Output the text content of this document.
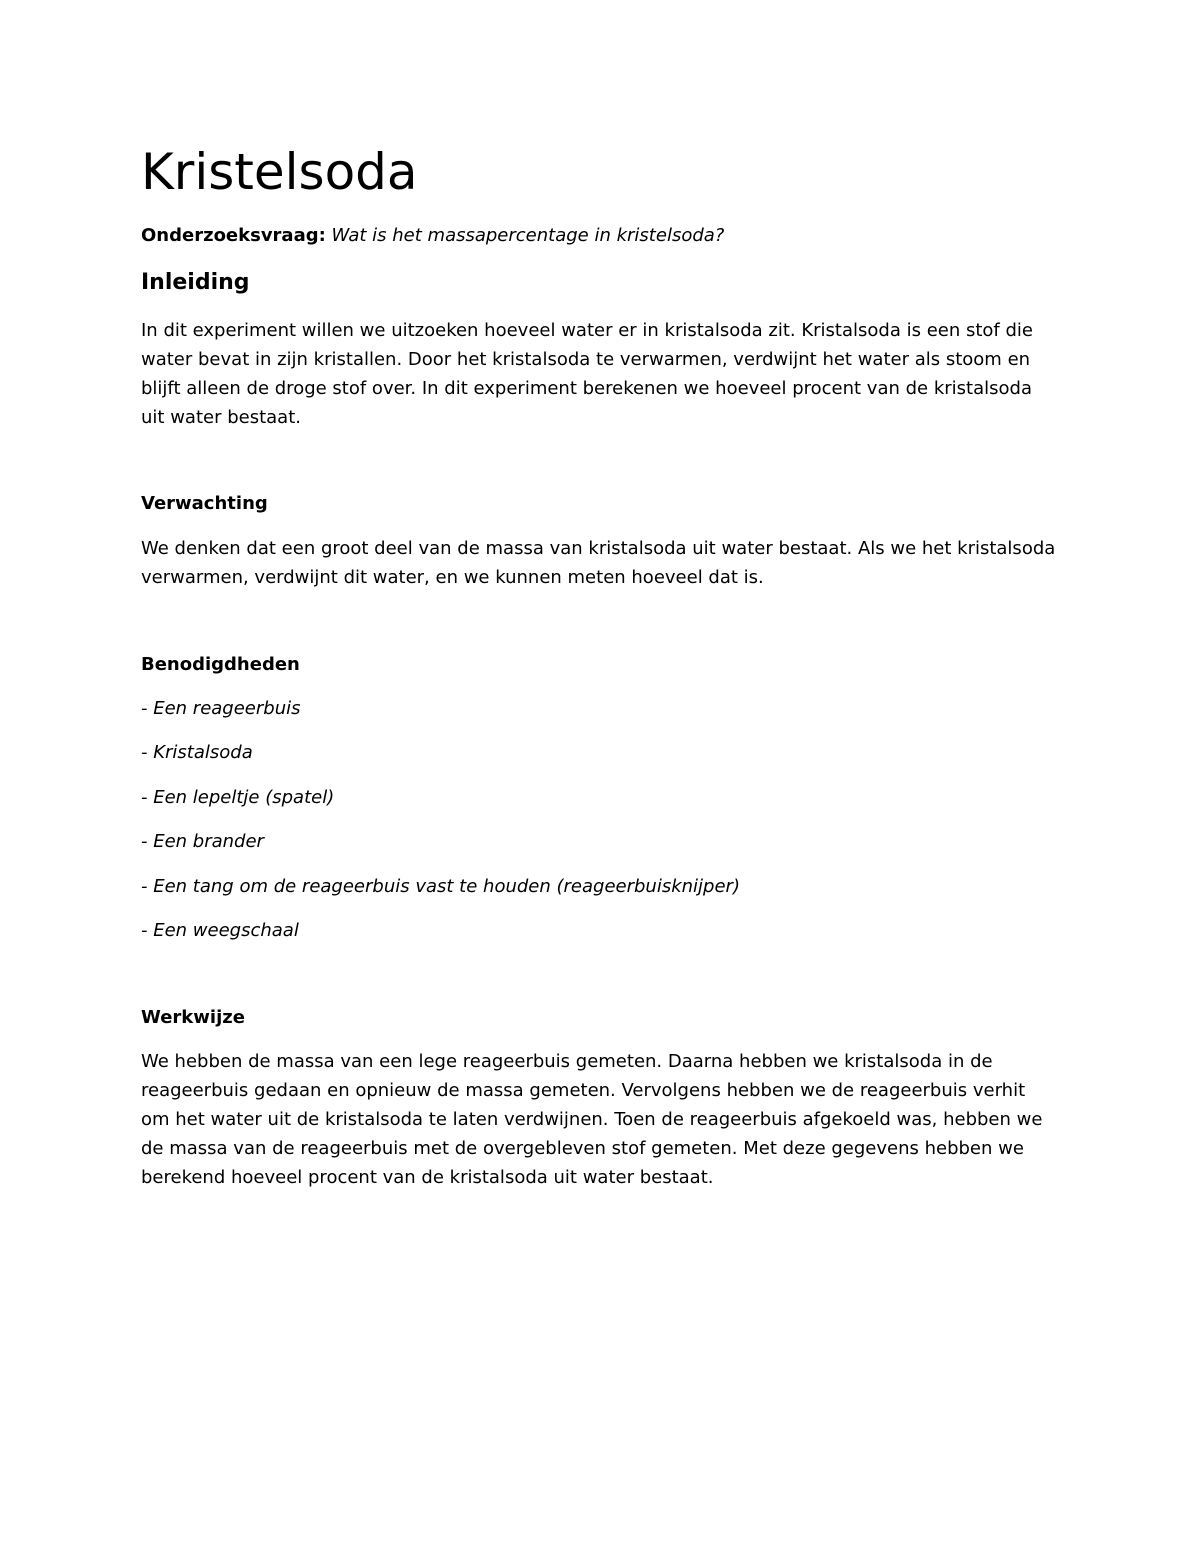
Kristelsoda

Onderzoeksvraag: Wat is het massapercentage in kristelsoda?

Inleiding

In dit experiment willen we uitzoeken hoeveel water er in kristalsoda zit. Kristalsoda is een stof die water bevat in zijn kristallen. Door het kristalsoda te verwarmen, verdwijnt het water als stoom en blijft alleen de droge stof over. In dit experiment berekenen we hoeveel procent van de kristalsoda uit water bestaat.

Verwachting

We denken dat een groot deel van de massa van kristalsoda uit water bestaat. Als we het kristalsoda verwarmen, verdwijnt dit water, en we kunnen meten hoeveel dat is.

Benodigdheden
- Een reageerbuis
- Kristalsoda
- Een lepeltje (spatel)
- Een brander
- Een tang om de reageerbuis vast te houden (reageerbuisknijper)
- Een weegschaal
Werkwijze

We hebben de massa van een lege reageerbuis gemeten. Daarna hebben we kristalsoda in de reageerbuis gedaan en opnieuw de massa gemeten. Vervolgens hebben we de reageerbuis verhit om het water uit de kristalsoda te laten verdwijnen. Toen de reageerbuis afgekoeld was, hebben we de massa van de reageerbuis met de overgebleven stof gemeten. Met deze gegevens hebben we berekend hoeveel procent van de kristalsoda uit water bestaat.
